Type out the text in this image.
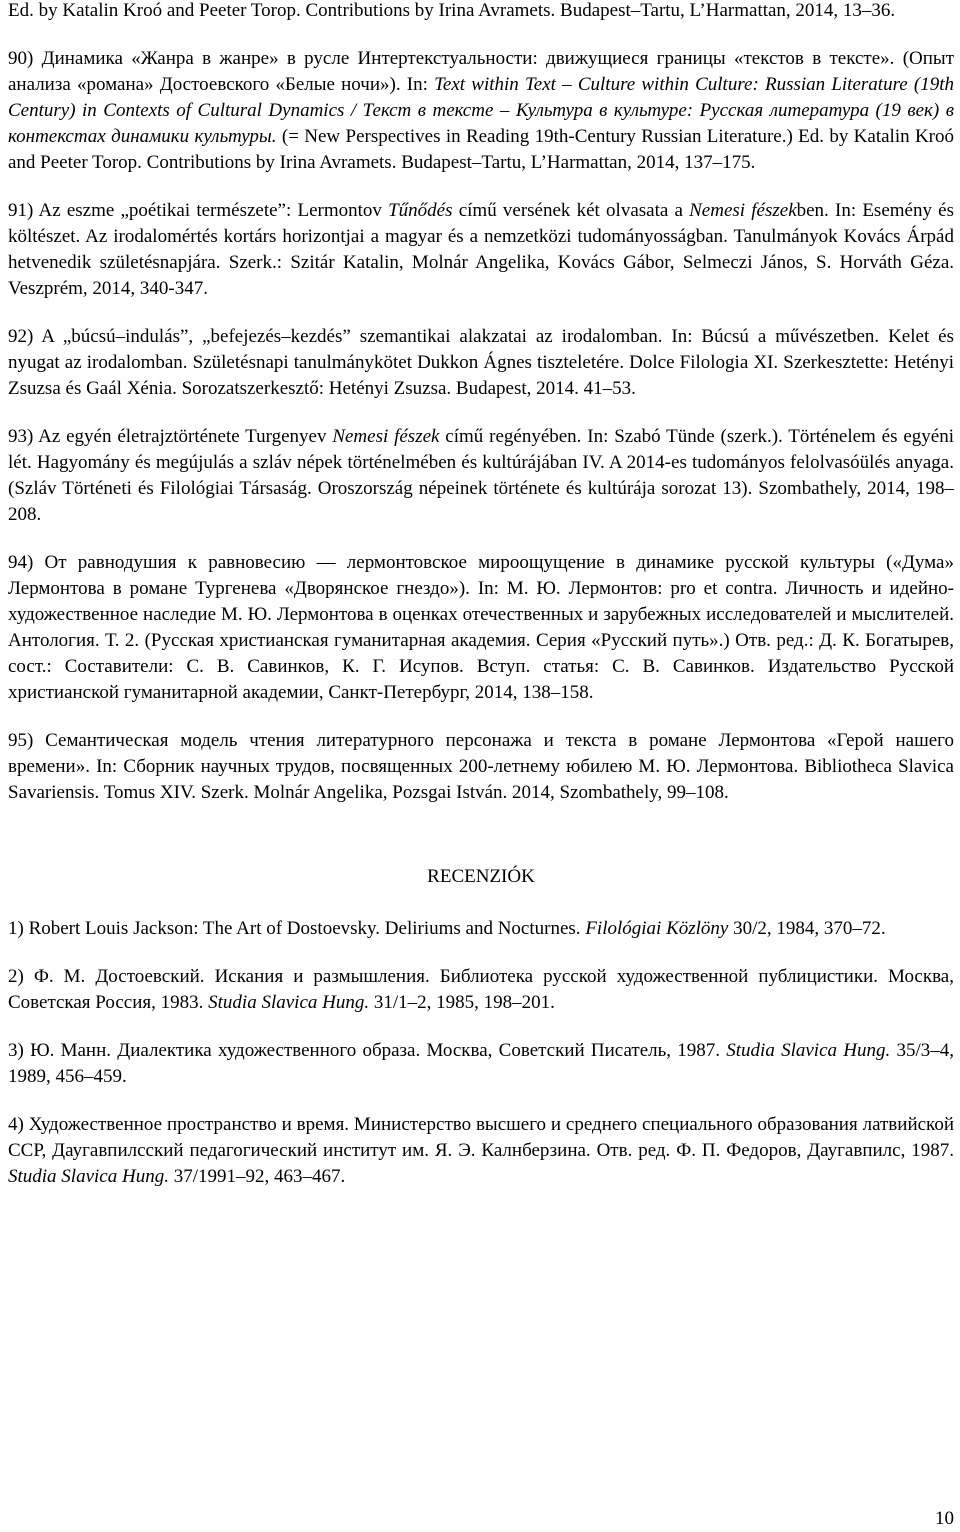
Ed. by Katalin Kroó and Peeter Torop. Contributions by Irina Avramets. Budapest–Tartu, L’Harmattan, 2014, 13–36.
90) Динамика «Жанра в жанре» в русле Интертекстуальности: движущиеся границы «текстов в тексте». (Опыт анализа «романа» Достоевского «Белые ночи»). In: Text within Text – Culture within Culture: Russian Literature (19th Century) in Contexts of Cultural Dynamics / Текст в тексте – Культура в культуре: Русская литература (19 век) в контекстах динамики культуры. (= New Perspectives in Reading 19th-Century Russian Literature.) Ed. by Katalin Kroó and Peeter Torop. Contributions by Irina Avramets. Budapest–Tartu, L’Harmattan, 2014, 137–175.
91) Az eszme „poétikai természete”: Lermontov Tűnődés című versének két olvasata a Nemesi fészekben. In: Esemény és költészet. Az irodalomértés kortárs horizontjai a magyar és a nemzetközi tudományosságban. Tanulmányok Kovács Árpád hetvenedik születésnapjára. Szerk.: Szitár Katalin, Molnár Angelika, Kovács Gábor, Selmeczi János, S. Horváth Géza. Veszprém, 2014, 340-347.
92) A „búcsú–indulás”, „befejezés–kezdés” szemantikai alakzatai az irodalomban. In: Búcsú a művészetben. Kelet és nyugat az irodalomban. Születésnapi tanulmánykötet Dukkon Ágnes tiszteletére. Dolce Filologia XI. Szerkesztette: Hetényi Zsuzsa és Gaál Xénia. Sorozatszerkesztő: Hetényi Zsuzsa. Budapest, 2014. 41–53.
93) Az egyén életrajztörténete Turgenyev Nemesi fészek című regényében. In: Szabó Tünde (szerk.). Történelem és egyéni lét. Hagyomány és megújulás a szláv népek történelmében és kultúrájában IV. A 2014-es tudományos felolvasóülés anyaga. (Szláv Történeti és Filológiai Társaság. Oroszország népeinek története és kultúrája sorozat 13). Szombathely, 2014, 198–208.
94) От равнодушия к равновесию — лермонтовское мироощущение в динамике русской культуры («Дума» Лермонтова в романе Тургенева «Дворянское гнездо»). In: М. Ю. Лермонтов: pro et contra. Личность и идейно-художественное наследие М. Ю. Лермонтова в оценках отечественных и зарубежных исследователей и мыслителей. Антология. Т. 2. (Русская христианская гуманитарная академия. Серия «Русский путь».) Отв. ред.: Д. К. Богатырев, сост.: Составители: С. В. Савинков, К. Г. Исупов. Вступ. статья: С. В. Савинков. Издательство Русской христианской гуманитарной академии, Санкт-Петербург, 2014, 138–158.
95) Семантическая модель чтения литературного персонажа и текста в романе Лермонтова «Герой нашего времени». In: Сборник научных трудов, посвященных 200-летнему юбилею М. Ю. Лермонтова. Bibliotheca Slavica Savariensis. Tomus XIV. Szerk. Molnár Angelika, Pozsgai István. 2014, Szombathely, 99–108.
RECENZIÓK
1) Robert Louis Jackson: The Art of Dostoevsky. Deliriums and Nocturnes. Filológiai Közlöny 30/2, 1984, 370–72.
2) Ф. М. Достоевский. Искания и размышления. Библиотека русской художественной публицистики. Москва, Советская Россия, 1983. Studia Slavica Hung. 31/1–2, 1985, 198–201.
3) Ю. Манн. Диалектика художественного образа. Москва, Советский Писатель, 1987. Studia Slavica Hung. 35/3–4, 1989, 456–459.
4) Художественное пространство и время. Министерство высшего и среднего специального образования латвийской ССР, Даугавпилсский педагогический институт им. Я. Э. Калнберзина. Отв. ред. Ф. П. Федоров, Даугавпилс, 1987. Studia Slavica Hung. 37/1991–92, 463–467.
10
